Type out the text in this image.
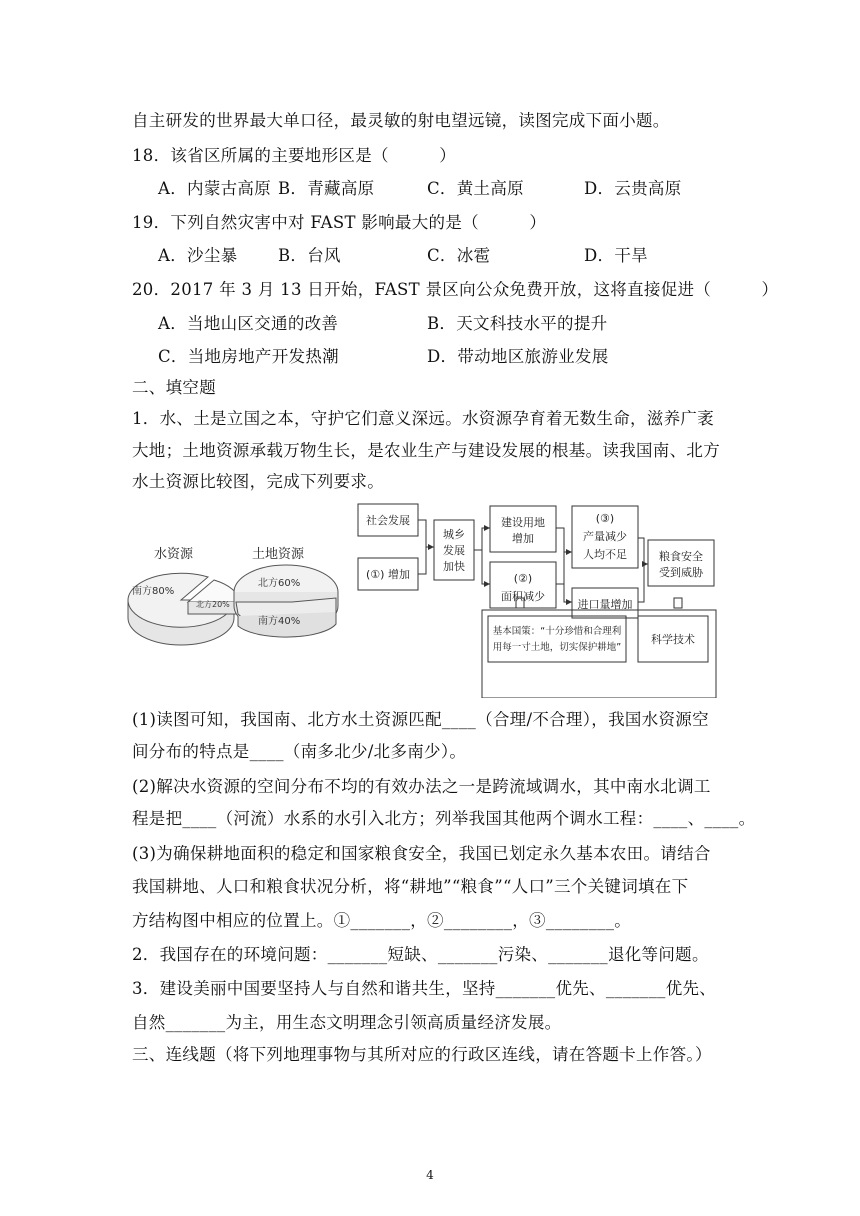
自主研发的世界最大单口径，最灵敏的射电望远镜，读图完成下面小题。
18．该省区所属的主要地形区是（　　　）
A．内蒙古高原 B．青藏高原	C．黄土高原	D．云贵高原
19．下列自然灾害中对 FAST 影响最大的是（　　　）
A．沙尘暴 B．台风	C．冰雹	D．干旱
20．2017 年 3 月 13 日开始，FAST 景区向公众免费开放，这将直接促进（　　　）
A．当地山区交通的改善	B．天文科技水平的提升
C．当地房地产开发热潮	D．带动地区旅游业发展
二、填空题
1．水、土是立国之本，守护它们意义深远。水资源孕育着无数生命，滋养广袤
大地；土地资源承载万物生长，是农业生产与建设发展的根基。读我国南、北方
水土资源比较图，完成下列要求。
水资源
南方80%
北方20%
土地资源
北方60%
南方40%
社会发展
(①) 增加
城乡
发展
加快
建设用地
增加
(②)
面积减少
(③)
产量减少
人均不足
进口量增加
粮食安全
受到威胁
基本国策：“十分珍惜和合理利
用每一寸土地，切实保护耕地”
科学技术
(1)读图可知，我国南、北方水土资源匹配____（合理/不合理），我国水资源空
间分布的特点是____（南多北少/北多南少）。
(2)解决水资源的空间分布不均的有效办法之一是跨流域调水，其中南水北调工
程是把____（河流）水系的水引入北方；列举我国其他两个调水工程：____、____。
(3)为确保耕地面积的稳定和国家粮食安全，我国已划定永久基本农田。请结合
我国耕地、人口和粮食状况分析，将“耕地”“粮食”“人口”三个关键词填在下
方结构图中相应的位置上。①_______，②________，③________。
2．我国存在的环境问题：_______短缺、_______污染、_______退化等问题。
3．建设美丽中国要坚持人与自然和谐共生，坚持_______优先、_______优先、
自然_______为主，用生态文明理念引领高质量经济发展。
三、连线题（将下列地理事物与其所对应的行政区连线，请在答题卡上作答。）
4
